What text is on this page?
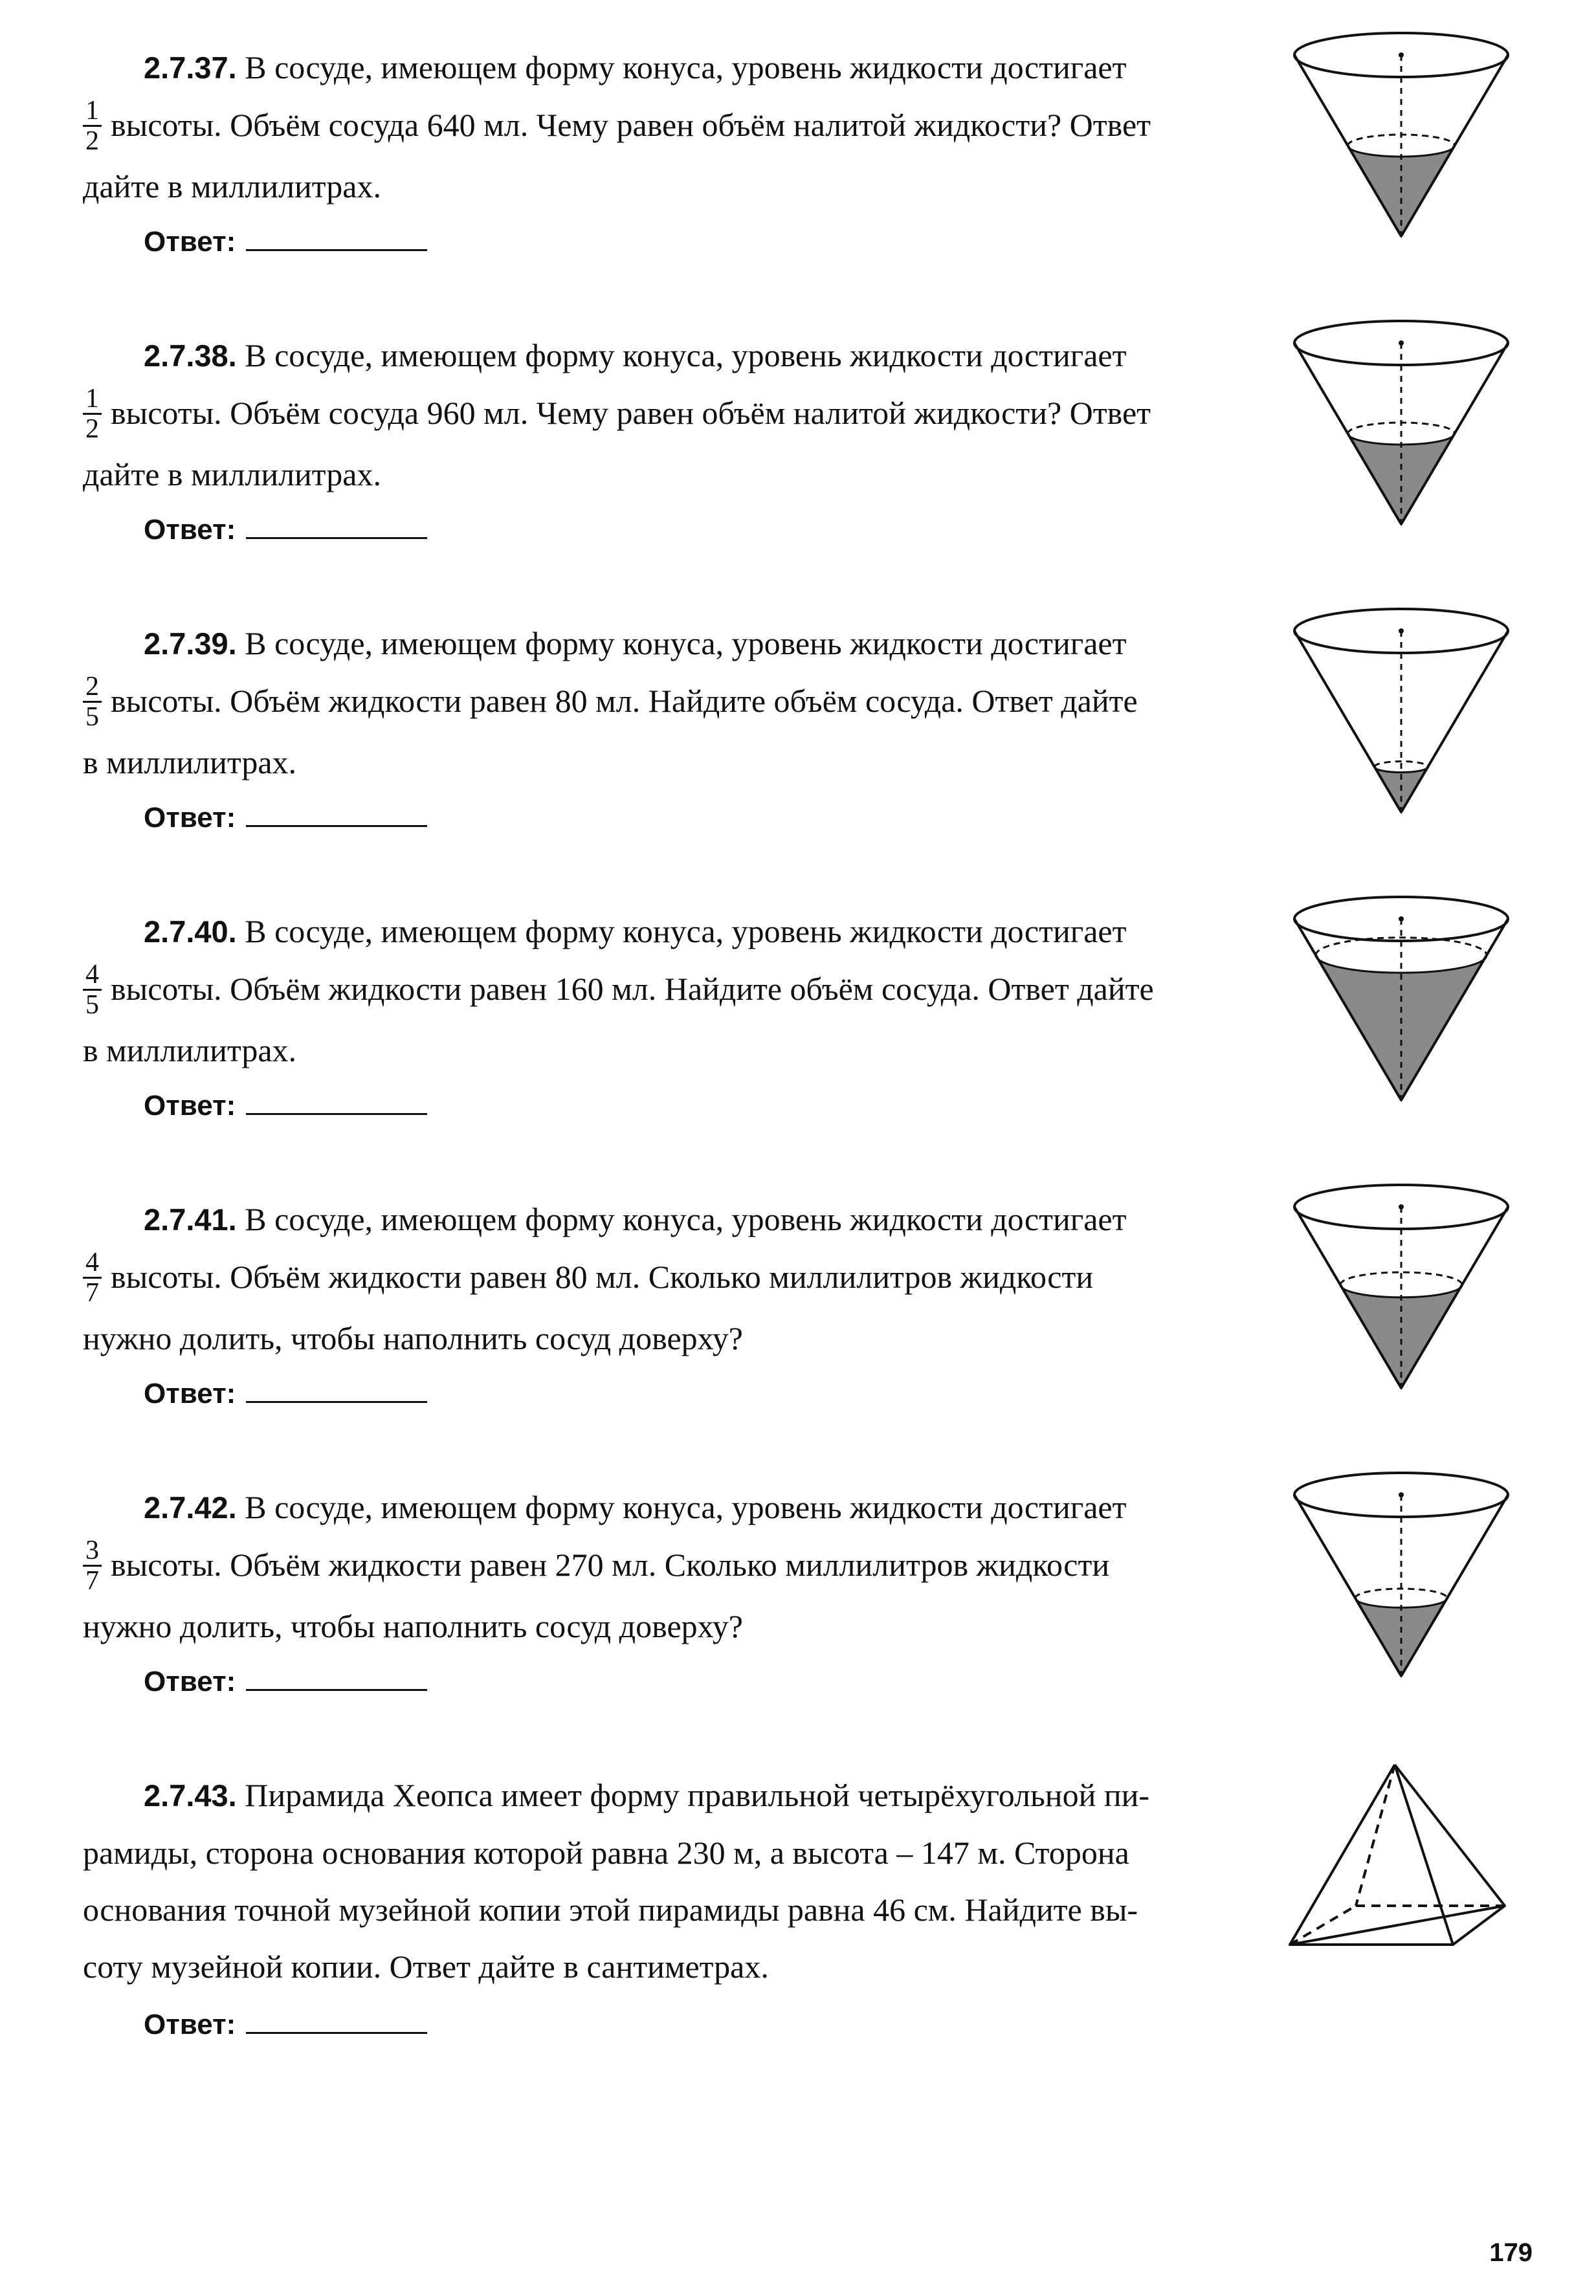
2.7.37. В сосуде, имеющем форму конуса, уровень жидкости достигает
$\frac{1}{2}$ высоты. Объём сосуда 640 мл. Чему равен объём налитой жидкости? Ответ
дайте в миллилитрах.
Ответ:
2.7.38. В сосуде, имеющем форму конуса, уровень жидкости достигает
$\frac{1}{2}$ высоты. Объём сосуда 960 мл. Чему равен объём налитой жидкости? Ответ
дайте в миллилитрах.
Ответ:
2.7.39. В сосуде, имеющем форму конуса, уровень жидкости достигает
$\frac{2}{5}$ высоты. Объём жидкости равен 80 мл. Найдите объём сосуда. Ответ дайте
в миллилитрах.
Ответ:
2.7.40. В сосуде, имеющем форму конуса, уровень жидкости достигает
$\frac{4}{5}$ высоты. Объём жидкости равен 160 мл. Найдите объём сосуда. Ответ дайте
в миллилитрах.
Ответ:
2.7.41. В сосуде, имеющем форму конуса, уровень жидкости достигает
$\frac{4}{7}$ высоты. Объём жидкости равен 80 мл. Сколько миллилитров жидкости
нужно долить, чтобы наполнить сосуд доверху?
Ответ:
2.7.42. В сосуде, имеющем форму конуса, уровень жидкости достигает
$\frac{3}{7}$ высоты. Объём жидкости равен 270 мл. Сколько миллилитров жидкости
нужно долить, чтобы наполнить сосуд доверху?
Ответ:
2.7.43. Пирамида Хеопса имеет форму правильной четырёхугольной пи-
рамиды, сторона основания которой равна 230 м, а высота – 147 м. Сторона
основания точной музейной копии этой пирамиды равна 46 см. Найдите вы-
соту музейной копии. Ответ дайте в сантиметрах.
Ответ:
179
